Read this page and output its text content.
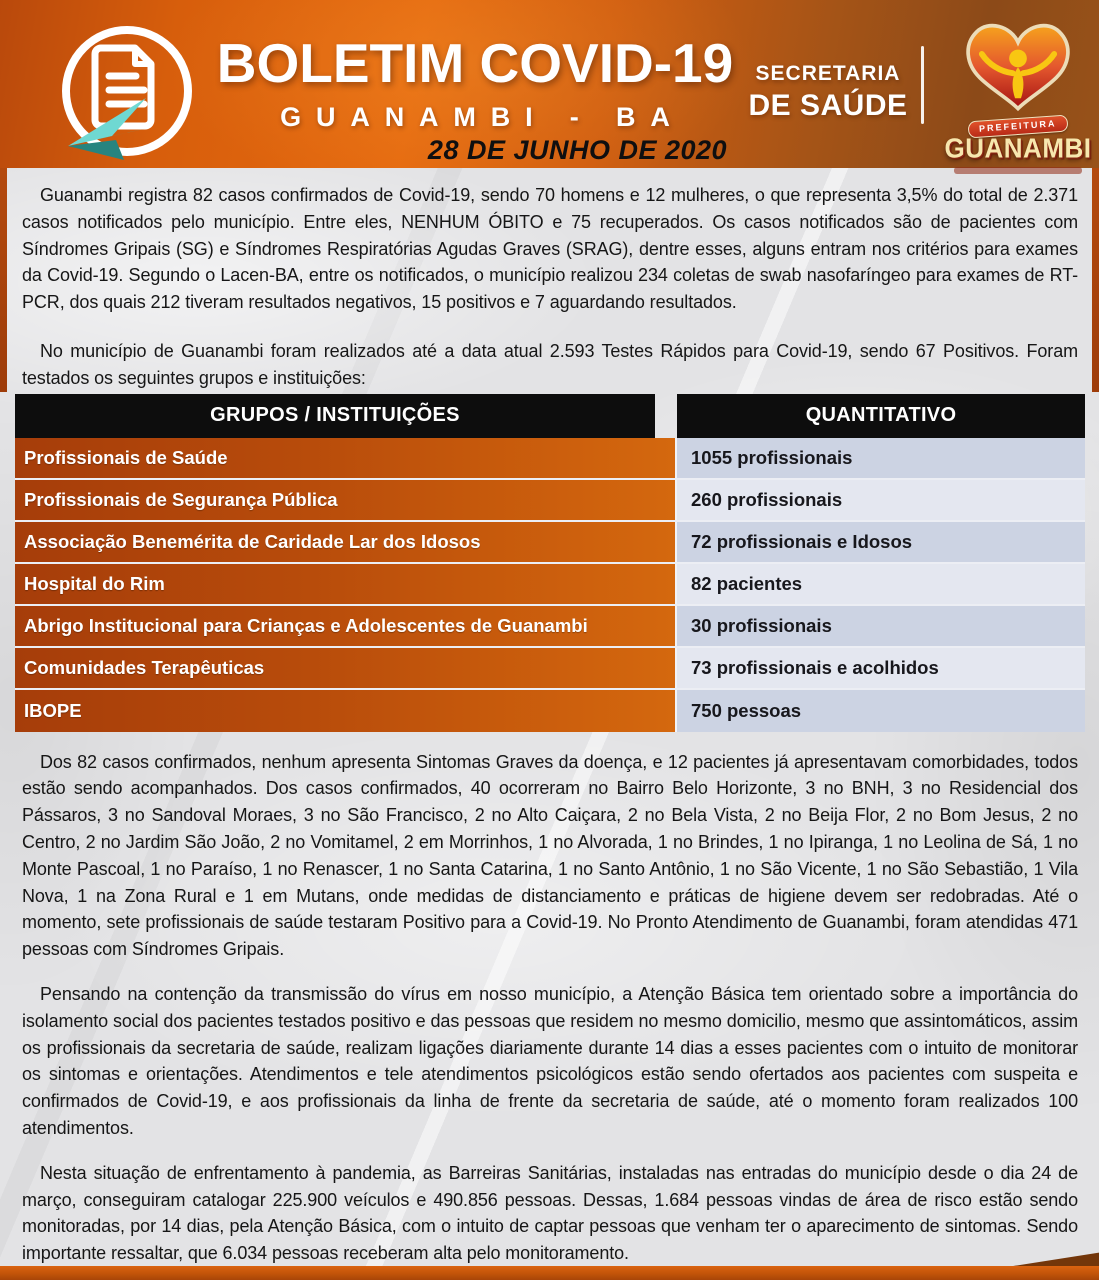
BOLETIM COVID-19
GUANAMBI - BA
SECRETARIA
DE SAÚDE
PREFEITURA
GUANAMBI
28 DE JUNHO DE 2020

Guanambi registra 82 casos confirmados de Covid-19, sendo 70 homens e 12 mulheres, o que representa 3,5% do total de 2.371 casos notificados pelo município. Entre eles, NENHUM ÓBITO e 75 recuperados. Os casos notificados são de pacientes com Síndromes Gripais (SG) e Síndromes Respiratórias Agudas Graves (SRAG), dentre esses, alguns entram nos critérios para exames da Covid-19. Segundo o Lacen-BA, entre os notificados, o município realizou 234 coletas de swab nasofaríngeo para exames de RT-PCR, dos quais 212 tiveram resultados negativos, 15 positivos e 7 aguardando resultados.

No município de Guanambi foram realizados até a data atual 2.593 Testes Rápidos para Covid-19, sendo 67 Positivos. Foram testados os seguintes grupos e instituições:

GRUPOS / INSTITUIÇÕES	QUANTITATIVO
Profissionais de Saúde	1055 profissionais
Profissionais de Segurança Pública	260 profissionais
Associação Benemérita de Caridade Lar dos Idosos	72 profissionais e Idosos
Hospital do Rim	82 pacientes
Abrigo Institucional para Crianças e Adolescentes de Guanambi	30 profissionais
Comunidades Terapêuticas	73 profissionais e acolhidos
IBOPE	750 pessoas

Dos 82 casos confirmados, nenhum apresenta Sintomas Graves da doença, e 12 pacientes já apresentavam comorbidades, todos estão sendo acompanhados. Dos casos confirmados, 40 ocorreram no Bairro Belo Horizonte, 3 no BNH, 3 no Residencial dos Pássaros, 3 no Sandoval Moraes, 3 no São Francisco, 2 no Alto Caiçara, 2 no Bela Vista, 2 no Beija Flor, 2 no Bom Jesus, 2 no Centro, 2 no Jardim São João, 2 no Vomitamel, 2 em Morrinhos, 1 no Alvorada, 1 no Brindes, 1 no Ipiranga, 1 no Leolina de Sá, 1 no Monte Pascoal, 1 no Paraíso, 1 no Renascer, 1 no Santa Catarina, 1 no Santo Antônio, 1 no São Vicente, 1 no São Sebastião, 1 Vila Nova, 1 na Zona Rural e 1 em Mutans, onde medidas de distanciamento e práticas de higiene devem ser redobradas. Até o momento, sete profissionais de saúde testaram Positivo para a Covid-19. No Pronto Atendimento de Guanambi, foram atendidas 471 pessoas com Síndromes Gripais.

Pensando na contenção da transmissão do vírus em nosso município, a Atenção Básica tem orientado sobre a importância do isolamento social dos pacientes testados positivo e das pessoas que residem no mesmo domicilio, mesmo que assintomáticos, assim os profissionais da secretaria de saúde, realizam ligações diariamente durante 14 dias a esses pacientes com o intuito de monitorar os sintomas e orientações. Atendimentos e tele atendimentos psicológicos estão sendo ofertados aos pacientes com suspeita e confirmados de Covid-19, e aos profissionais da linha de frente da secretaria de saúde, até o momento foram realizados 100 atendimentos.

Nesta situação de enfrentamento à pandemia, as Barreiras Sanitárias, instaladas nas entradas do município desde o dia 24 de março, conseguiram catalogar 225.900 veículos e 490.856 pessoas. Dessas, 1.684 pessoas vindas de área de risco estão sendo monitoradas, por 14 dias, pela Atenção Básica, com o intuito de captar pessoas que venham ter o aparecimento de sintomas. Sendo importante ressaltar, que 6.034 pessoas receberam alta pelo monitoramento.
